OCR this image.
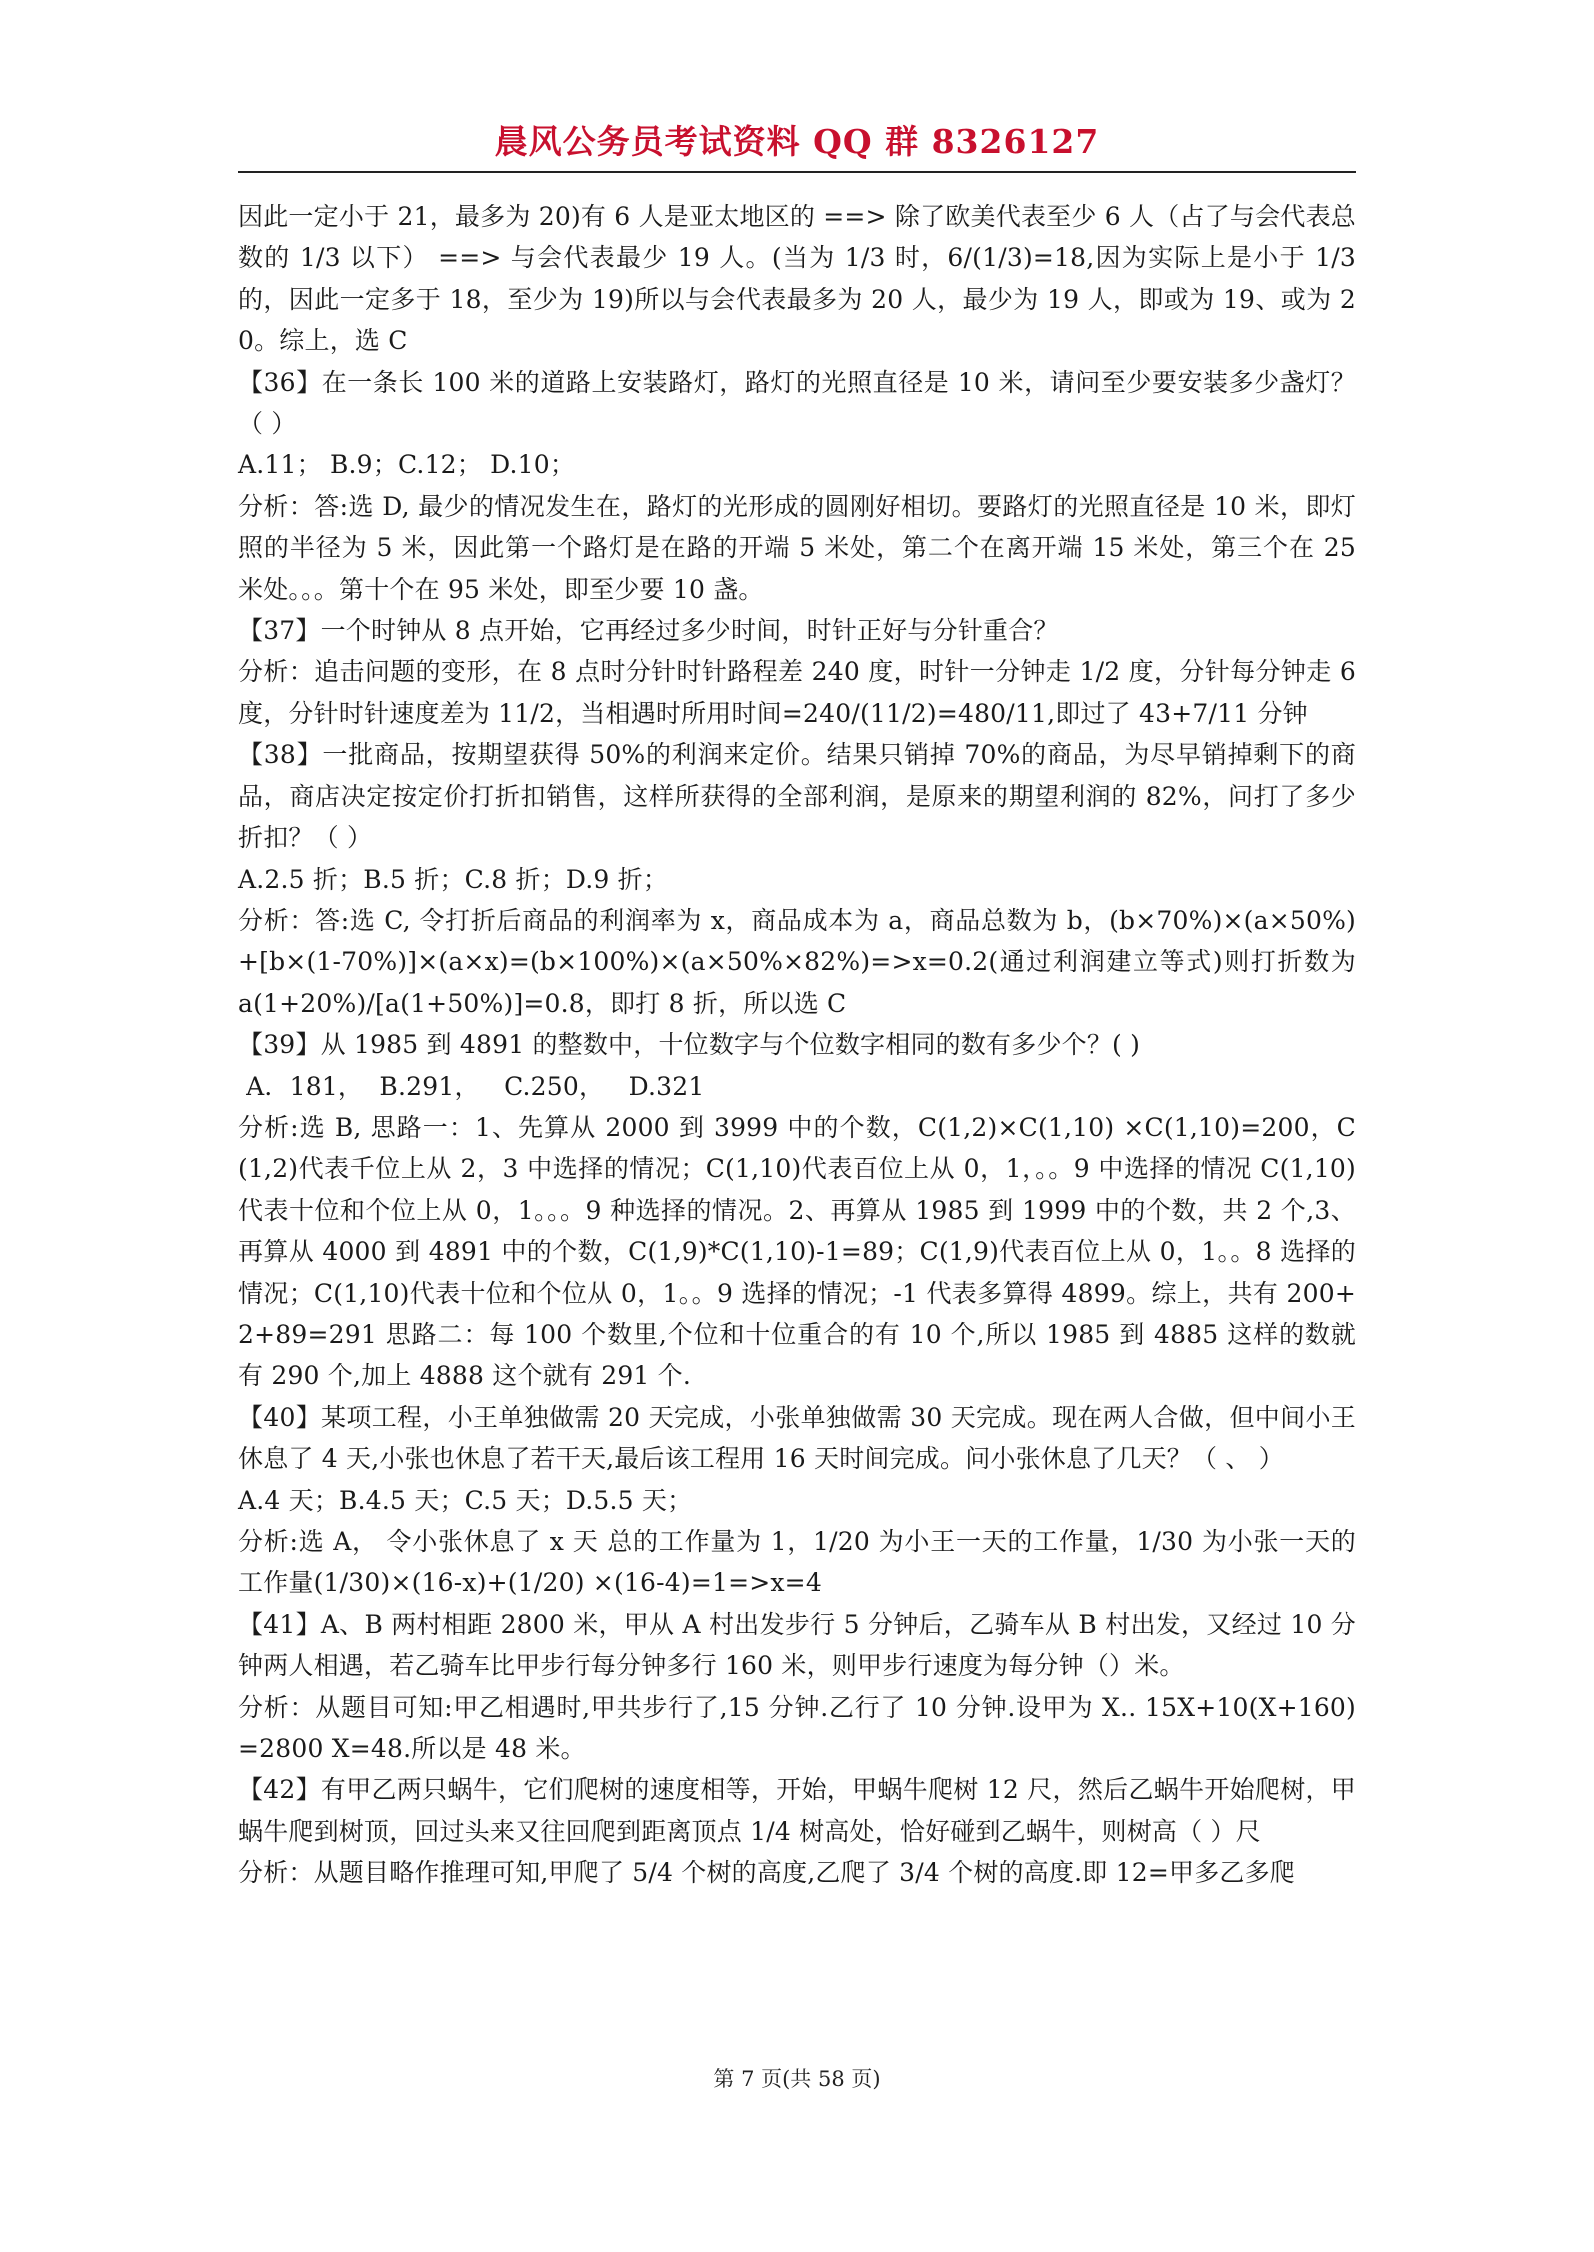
晨风公务员考试资料 QQ 群 8326127

因此一定小于 21，最多为 20)有 6 人是亚太地区的 ==> 除了欧美代表至少 6 人（占了与会代表总数的 1/3 以下） ==> 与会代表最少 19 人。(当为 1/3 时，6/(1/3)=18,因为实际上是小于 1/3 的，因此一定多于 18，至少为 19)所以与会代表最多为 20 人，最少为 19 人，即或为 19、或为 20。综上，选 C

【36】在一条长 100 米的道路上安装路灯，路灯的光照直径是 10 米，请问至少要安装多少盏灯？（ ）

A.11； B.9；C.12； D.10；

分析：答:选 D, 最少的情况发生在，路灯的光形成的圆刚好相切。要路灯的光照直径是 10 米，即灯照的半径为 5 米，因此第一个路灯是在路的开端 5 米处，第二个在离开端 15 米处，第三个在 25 米处。。。第十个在 95 米处，即至少要 10 盏。

【37】一个时钟从 8 点开始，它再经过多少时间，时针正好与分针重合？

分析：追击问题的变形，在 8 点时分针时针路程差 240 度，时针一分钟走 1/2 度，分针每分钟走 6 度，分针时针速度差为 11/2，当相遇时所用时间=240/(11/2)=480/11,即过了 43+7/11 分钟

【38】一批商品，按期望获得 50%的利润来定价。结果只销掉 70%的商品，为尽早销掉剩下的商品，商店决定按定价打折扣销售，这样所获得的全部利润，是原来的期望利润的 82%，问打了多少折扣？（ ）

A.2.5 折；B.5 折；C.8 折；D.9 折；

分析：答:选 C, 令打折后商品的利润率为 x，商品成本为 a，商品总数为 b，(b×70%)×(a×50%)+[b×(1-70%)]×(a×x)=(b×100%)×(a×50%×82%)=>x=0.2(通过利润建立等式)则打折数为 a(1+20%)/[a(1+50%)]=0.8，即打 8 折，所以选 C

【39】从 1985 到 4891 的整数中，十位数字与个位数字相同的数有多少个？( )

A．181，  B.291，   C.250，   D.321

分析:选 B, 思路一：1、先算从 2000 到 3999 中的个数，C(1,2)×C(1,10) ×C(1,10)=200，C(1,2)代表千位上从 2，3 中选择的情况；C(1,10)代表百位上从 0，1，。。9 中选择的情况 C(1,10)代表十位和个位上从 0，1。。。9 种选择的情况。2、再算从 1985 到 1999 中的个数，共 2 个,3、再算从 4000 到 4891 中的个数，C(1,9)*C(1,10)-1=89；C(1,9)代表百位上从 0，1。。8 选择的情况；C(1,10)代表十位和个位从 0，1。。9 选择的情况；-1 代表多算得 4899。综上，共有 200+2+89=291 思路二：每 100 个数里,个位和十位重合的有 10 个,所以 1985 到 4885 这样的数就有 290 个,加上 4888 这个就有 291 个.

【40】某项工程，小王单独做需 20 天完成，小张单独做需 30 天完成。现在两人合做，但中间小王休息了 4 天,小张也休息了若干天,最后该工程用 16 天时间完成。问小张休息了几天？（ 、 ）

A.4 天；B.4.5 天；C.5 天；D.5.5 天；

分析:选 A， 令小张休息了 x 天 总的工作量为 1，1/20 为小王一天的工作量，1/30 为小张一天的工作量(1/30)×(16-x)+(1/20) ×(16-4)=1=>x=4

【41】A、B 两村相距 2800 米，甲从 A 村出发步行 5 分钟后，乙骑车从 B 村出发，又经过 10 分钟两人相遇，若乙骑车比甲步行每分钟多行 160 米，则甲步行速度为每分钟（）米。

分析：从题目可知:甲乙相遇时,甲共步行了,15 分钟.乙行了 10 分钟.设甲为 X.. 15X+10(X+160)=2800 X=48.所以是 48 米。

【42】有甲乙两只蜗牛，它们爬树的速度相等，开始，甲蜗牛爬树 12 尺，然后乙蜗牛开始爬树，甲蜗牛爬到树顶，回过头来又往回爬到距离顶点 1/4 树高处，恰好碰到乙蜗牛，则树高（ ）尺

分析：从题目略作推理可知,甲爬了 5/4 个树的高度,乙爬了 3/4 个树的高度.即 12=甲多乙多爬

第 7 页(共 58 页)
